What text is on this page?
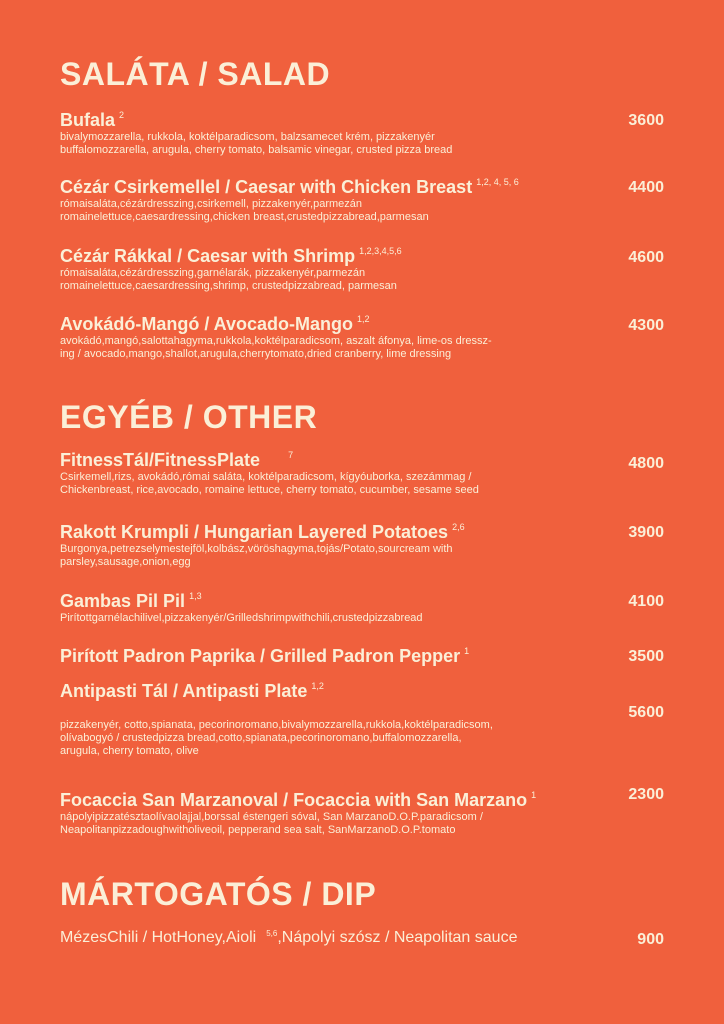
SALÁTA / SALAD
Bufala $^2$
bivalymozzarella, rukkola, koktélparadicsom, balzsamecet krém, pizzakenyér
buffalomozzarella, arugula, cherry tomato, balsamic vinegar, crusted pizza bread
3600
Cézár Csirkemellel / Caesar with Chicken Breast $^{1,2, 4, 5, 6}$
rómaisaláta,cézárdresszing,csirkemell, pizzakenyér,parmezán
romainelettuce,caesardressing,chicken breast,crustedpizzabread,parmesan
4400
Cézár Rákkal / Caesar with Shrimp $^{1,2,3,4,5,6}$
rómaisaláta,cézárdresszing,garnélarák, pizzakenyér,parmezán
romainelettuce,caesardressing,shrimp, crustedpizzabread, parmesan
4600
Avokádó-Mangó / Avocado-Mango $^{1,2}$
avokádó,mangó,salottahagyma,rukkola,koktélparadicsom, aszalt áfonya, lime-os dressz-
ing / avocado,mango,shallot,arugula,cherrytomato,dried cranberry, lime dressing
4300
EGYÉB / OTHER
FitnessTál/FitnessPlate	$^7$
Csirkemell,rizs, avokádó,római saláta, koktélparadicsom, kígyóuborka, szezámmag /
Chickenbreast, rice,avocado, romaine lettuce, cherry tomato, cucumber, sesame seed
4800
Rakott Krumpli / Hungarian Layered Potatoes $^{2,6}$
Burgonya,petrezselymestejföl,kolbász,vöröshagyma,tojás/Potato,sourcream with
parsley,sausage,onion,egg
3900
Gambas Pil Pil $^{1,3}$
Pirítottgarnélachilivel,pizzakenyér/Grilledshrimpwithchili,crustedpizzabread
4100
Pirított Padron Paprika / Grilled Padron Pepper $^1$	3500
Antipasti Tál / Antipasti Plate $^{1,2}$
pizzakenyér, cotto,spianata, pecorinoromano,bivalymozzarella,rukkola,koktélparadicsom,
olívabogyó / crustedpizza bread,cotto,spianata,pecorinoromano,buffalomozzarella,
arugula, cherry tomato, olive
5600
Focaccia San Marzanoval / Focaccia with San Marzano $^1$
nápolyipizzatésztaolívaolajjal,borssal éstengeri sóval, San MarzanoD.O.P.paradicsom /
Neapolitanpizzadoughwitholiveoil, pepperand sea salt, SanMarzanoD.O.P.tomato
2300
MÁRTOGATÓS / DIP
MézesChili / HotHoney,Aioli $^{5,6}$,Nápolyi szósz / Neapolitan sauce	900
